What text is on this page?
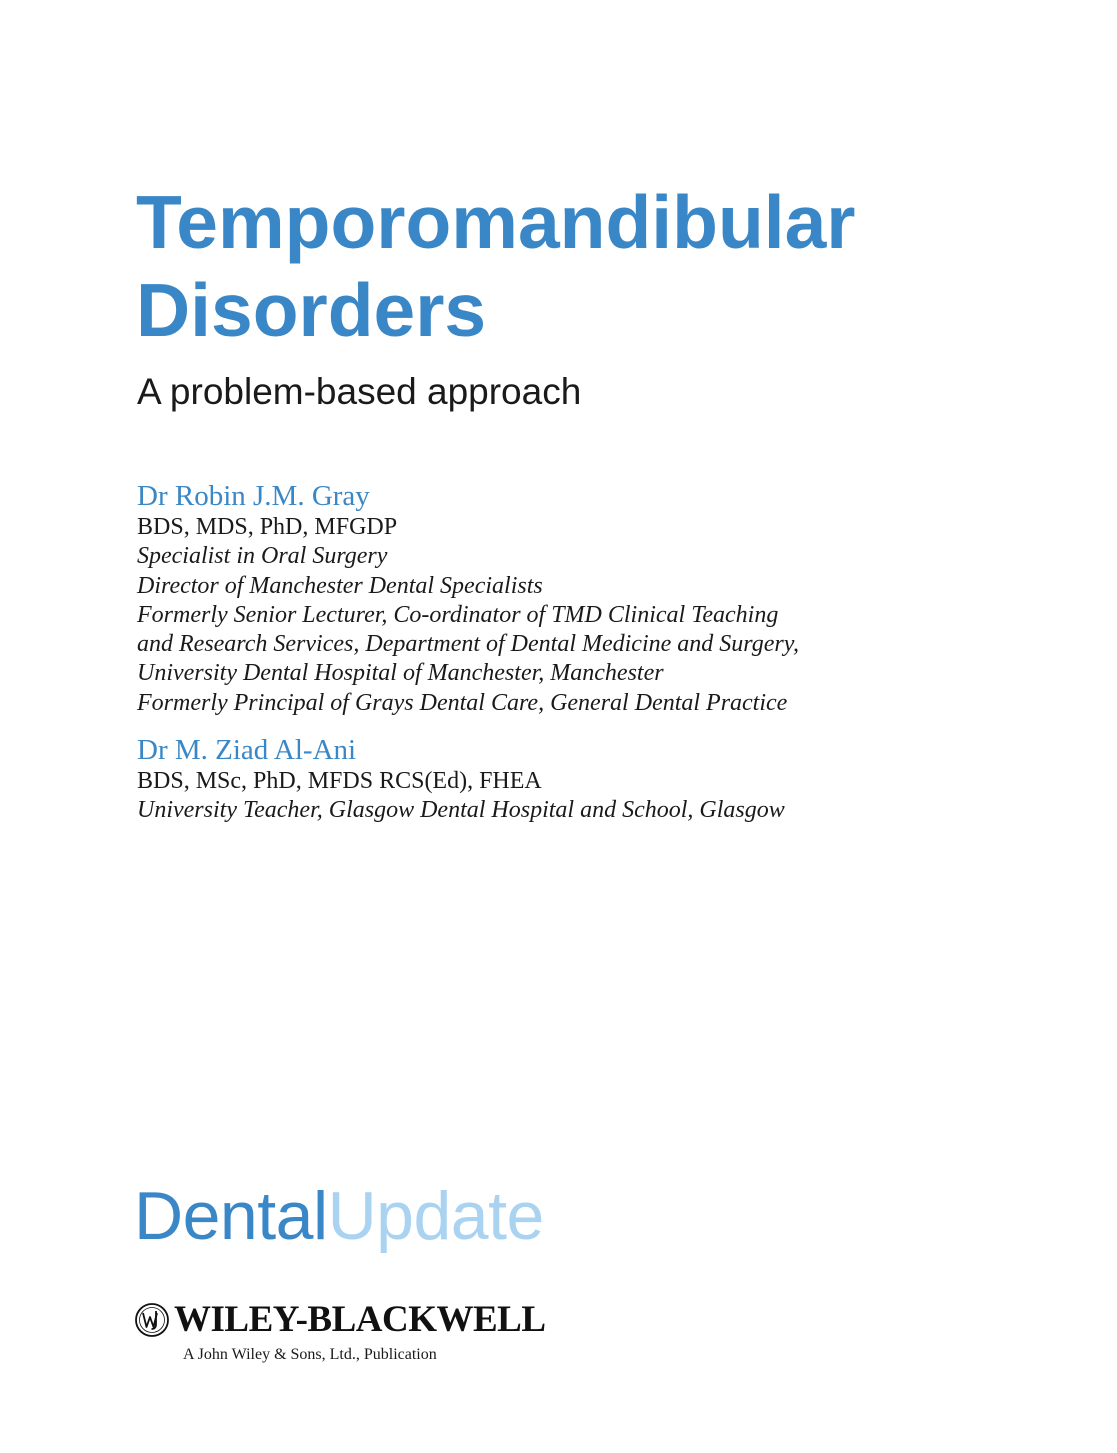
Temporomandibular
Disorders

A problem-based approach

Dr Robin J.M. Gray

BDS, MDS, PhD, MFGDP

Specialist in Oral Surgery

Director of Manchester Dental Specialists

Formerly Senior Lecturer, Co-ordinator of TMD Clinical Teaching

and Research Services, Department of Dental Medicine and Surgery,

University Dental Hospital of Manchester, Manchester

Formerly Principal of Grays Dental Care, General Dental Practice

Dr M. Ziad Al-Ani

BDS, MSc, PhD, MFDS RCS(Ed), FHEA

University Teacher, Glasgow Dental Hospital and School, Glasgow

DentalUpdate
WILEY-BLACKWELL
A John Wiley & Sons, Ltd., Publication
